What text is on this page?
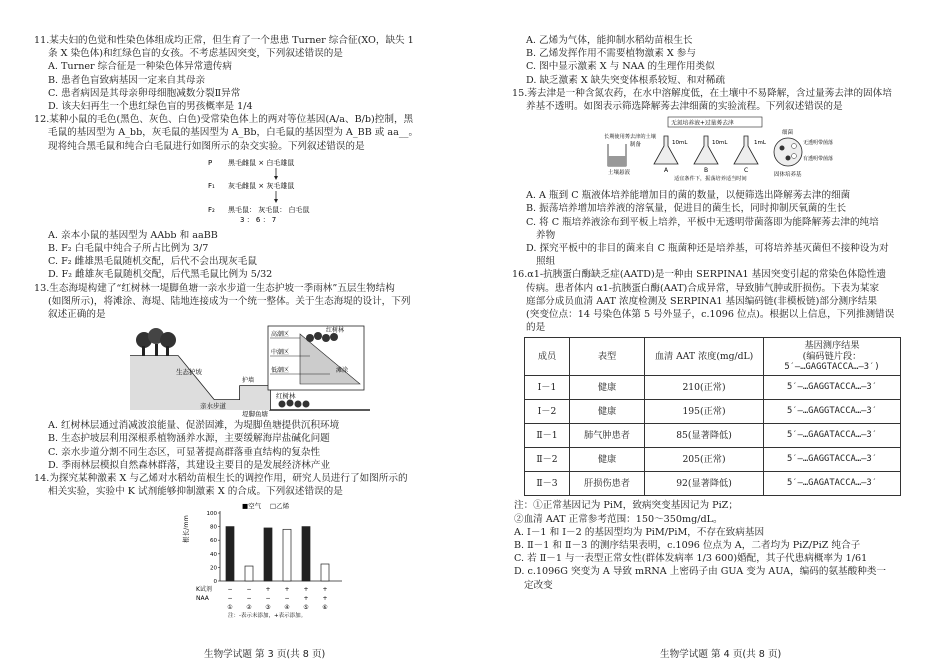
11.某夫妇的色觉和性染色体组成均正常，但生育了一个患患 Turner 综合征(XO，缺失 1

条 X 染色体)和红绿色盲的女孩。不考虑基因突变，下列叙述错误的是

A. Turner 综合征是一种染色体异常遗传病

B. 患者色盲致病基因一定来自其母亲

C. 患者病因是其母亲卵母细胞减数分裂Ⅱ异常

D. 该夫妇再生一个患红绿色盲的男孩概率是 1/4

12.某种小鼠的毛色(黑色、灰色、白色)受常染色体上的两对等位基因(A/a、B/b)控制，黑

毛鼠的基因型为 A_bb，灰毛鼠的基因型为 A_Bb，白毛鼠的基因型为 A_BB 或 aa__。

现将纯合黑毛鼠和纯合白毛鼠进行如图所示的杂交实验。下列叙述错误的是

P 黑毛雌鼠 × 白毛雄鼠
F₁ 灰毛雌鼠 × 灰毛雄鼠
F₂ 黑毛鼠： 灰毛鼠： 白毛鼠
3 ： 6 ： 7

A. 亲本小鼠的基因型为 AAbb 和 aaBB

B. F₂ 白毛鼠中纯合子所占比例为 3/7

C. F₂ 雌雄黑毛鼠随机交配，后代不会出现灰毛鼠

D. F₂ 雌雄灰毛鼠随机交配，后代黑毛鼠比例为 5/32

13.生态海堤构建了“红树林一堤脚鱼塘一亲水步道一生态护坡一季雨林”五层生物结构

(如图所示)，将滩涂、海堤、陆地连接成为一个统一整体。关于生态海堤的设计，下列

叙述正确的是

生态护坡
亲水步道
护墙
高潮区
中潮区
低潮区
红树林
滩涂
红树林
堤脚鱼塘

A. 红树林层通过消减波浪能量、促淤固滩，为堤脚鱼塘提供沉积环境

B. 生态护坡层利用深根系植物涵养水源，主要缓解海岸盐碱化问题

C. 亲水步道分割不同生态区，可显著提高群落垂直结构的复杂性

D. 季雨林层模拟自然森林群落，其建设主要目的是发展经济林产业

14.为探究某种激素 X 与乙烯对水稻幼苗根生长的调控作用，研究人员进行了如图所示的

相关实验，实验中 K 试剂能够抑制激素 X 的合成。下列叙述错误的是

■空气 □乙烯
根长/mm
100
80
60
40
20
0
K试剂
NAA
−
−
①
−
−
②
+
−
③
+
−
④
+
+
⑤
+
+
⑥
注：-表示未添加，+表示添加。
生物学试题 第 3 页(共 8 页)

A. 乙烯为气体，能抑制水稻幼苗根生长

B. 乙烯发挥作用不需要植物激素 X 参与

C. 图中显示激素 X 与 NAA 的生理作用类似

D. 缺乏激素 X 缺失突变体根系较短、和对稀疏

15.莠去津是一种含氮农药，在水中溶解度低，在土壤中不易降解，含过量莠去津的固体培

养基不透明。如图表示筛选降解莠去津细菌的实验流程。下列叙述错误的是

无氮培养液+过量莠去津
长期使用莠去津的土壤
制备
土壤悬液
10mL	10mL	1mL
A	B	C
适宜条件下，振荡培养适当时间
细菌
无透明带菌落
有透明带菌落
固体培养基

A. A 瓶到 C 瓶液体培养能增加目的菌的数量，以便筛选出降解莠去津的细菌

B. 振荡培养增加培养液的溶氧量，促进目的菌生长，同时抑制厌氧菌的生长

C. 将 C 瓶培养液涂布到平板上培养，平板中无透明带菌落即为能降解莠去津的纯培

养物

D. 探究平板中的非目的菌来自 C 瓶菌种还是培养基，可将培养基灭菌但不接种设为对

照组

16.α1-抗胰蛋白酶缺乏症(AATD)是一种由 SERPINA1 基因突变引起的常染色体隐性遗

传病。患者体内 α1-抗胰蛋白酶(AAT)合成异常，导致肺气肿或肝损伤。下表为某家

庭部分成员血清 AAT 浓度检测及 SERPINA1 基因编码链(非模板链)部分测序结果

(突变位点：14 号染色体第 5 号外显子，c.1096 位点)。根据以上信息，下列推测错误

的是

成员	表型	血清 AAT 浓度(mg/dL)	基因测序结果
(编码链片段：
5′—…GAGGTACCA…—3′)

Ⅰ－1	健康	210(正常)	5′—…GAGGTACCA…—3′
Ⅰ－2	健康	195(正常)	5′—…GAGGTACCA…—3′
Ⅱ－1	肺气肿患者	85(显著降低)	5′—…GAGATACCA…—3′
Ⅱ－2	健康	205(正常)	5′—…GAGGTACCA…—3′
Ⅱ－3	肝损伤患者	92(显著降低)	5′—…GAGATACCA…—3′

注：①正常基因记为 PiM，致病突变基因记为 PiZ；

②血清 AAT 正常参考范围：150～350mg/dL。

A. Ⅰ－1 和 Ⅰ－2 的基因型均为 PiM/PiM，不存在致病基因

B. Ⅱ－1 和 Ⅱ－3 的测序结果表明，c.1096 位点为 A，二者均为 PiZ/PiZ 纯合子

C. 若 Ⅱ－1 与一表型正常女性(群体发病率 1/3 600)婚配，其子代患病概率为 1/61

D. c.1096G 突变为 A 导致 mRNA 上密码子由 GUA 变为 AUA，编码的氨基酸种类一

定改变

生物学试题 第 4 页(共 8 页)
